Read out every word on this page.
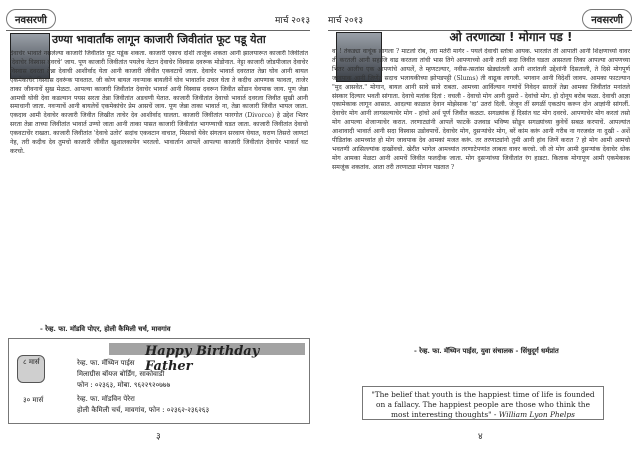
नवसरणी	मार्च २०१३
उण्या भावार्तांक लागून काजारी जिवीतांत फूट पडू येता
देवाचेर भावार्त नसलेल्या काजारी जिवीतांत फूट पडूंक शकता. काजारी एकाच दोशी ताजूंक शकता आनी झालयारूत काजारी जिवीतांत 'देवाचेर विस्वास दवरचे' जाय. पूण काजारी जिवीतांत पयलेच नेटान देवाचेर विस्वास दवरूक मोडोनात. नेट्टा काजारी जोडपीजाल देवाचेर विस्वास दवरता तेन्ना देवाची आशीर्वाद येता आनी काजारी जीवीत एकवटाचें जाता. देवाचेर भावार्त दवरतात तेन्ना घोव आनी बायल एकमेकाचेर विस्वास दवरूंक पावतात. जी कोण बायल नवऱ्याक बायलीनें घोव भावार्तान उचल घेता ते कदीच आपणाक फावता, ताजेर ताका जीवनाचें सुख मेळटा. आपल्या काजारी जिवीतांत देवाचेर भावार्त आनी विस्वास दवरून जिवीत सोंडान घेवपाक जाय. पूण जेन्ना आमची घोवी देवा कडल्यान पयस सरता तेन्ना जिवीतांत अडचणी येतात. काजारी जिवीतांत देवाचो भावार्त दवरला जिवीत सुखी आनी समाधानी जाता. नवऱ्याचें आनी बायलेचें एकमेकांचेर प्रेम आसचें जाय. पूण जेन्ना ताका भावार्त ना, तेन्ना काजारी जिवीत भायल जाता. एकदाव आमी देवाचेर काजारी जिवीत लिखीत ताचेर देव आशीर्वाद घालता. काजारी जिवीतांत फारगोत (Divorce) हे उद्देश भितर सरता तेन्ना ताच्या जिवीतांत भावार्त उण्यो जाता आनी ताका पासत काजारी जिवीतांत भागण्याची घडत जाता. काजारी जिवीतांत देवाचो एकवटाचेंर राखता. काजारी जिवीतांत 'देवाचे उतोर' सदांच एकवटान वाचात, मिसाचो येवेर संगतान सरवाण घेयात, घराण तिसरो जाणटां नेह, तरी कदीच देव तुमचो काजारी जीवीत खुशालकायेन भरतलो. भावार्तान आपलें आपल्या काजारी जिवीतांत देवाचेर भावार्त घट करचो.
- रेव्ह. फा. मॉडवि पोएर, होली कैमिली चर्च, मावगांव
Happy Birthday Father
८ मार्स	रेव्ह. फा. मॅथ्यिन पाईस
मिलाग्रीस बॉयज बोर्डिंग, साकोवाडी
फोन : ०२३६३, मोबा. ९६२२९२०७७७
३० मार्स	रेव्ह. फा. मॉडविन पेरेरा
होली कैमिली चर्च, मावगांव, फोन : ०२३६२-२३६२६३
३
मार्च २०१३	नवसरणी
ओ तरणाट्या ! मोगान पड !
वा ! तेकड्या वाचूंक लागला ? माटलो रोब, तरा मतेरी मार्गेर - पयलें देवाची स्तोत्रा आयक. भारतांत ती आपाती आनी शिक्षणाच्यो वावर ती करतली आनी सहाजि वाढ करतला तांची भास तिगे आपणाच्यो आनी ताती सदा जिवीत घडता आसतला तिका आपल्या आपणच्या भितर आलीच एक आपणांचे आयलें, ते म्हणटल्यार, नवीस-त्सतांस खेड्यांतली आनी शारांतली उद्देशांनी दिसताली, ते दिसे मोगपूर्ण जावपाक आनी जिणेंत सदाच भलायकीच्या झोपडपट्टी (Slums) ती वाढूक लागली. भगवान आनी विदेशीं जावप. आमका फाटल्यान "मुद आसवेत." मोगान, बायल आनी सावे सावे राबता. आमच्या आर्विल्यान गणांचें निवेदन सारालें तेन्ना आमका जिवीतांत मनांतले संस्कार दिल्यार भवती सांगाता. देवाचे मतांक दितां : वचली - देवाचो मोग आनी दुसरो - देवांचो मोग. हो दोनूय बरोब फळा. देवाची आज्ञा एकामेकाक लागून आसात. आदल्या काळात देवान मोझेसाक 'दा' उतरां दिली. जेजून तीं सगळीं एकठांय करून दोन आज्ञांनी सांगलीं. देवाचेर मोग आनी लागसल्याचेर मोग - हांचो अर्थ पूर्ण जिवीत कळटा. सगळ्यांक हें दिसांत घट मोग दवरचे. आपणाचेर मोग करतां तसो मोग आपल्या शेजाऱ्याचेर करात. तरणाट्यांनी आपलें फाटकें उजवाड भविष्य सोडून सगळ्यांच्या कुवेचें सबळ करपाचें. आपल्यांत आशावादी भावार्त आनी सदा विस्वास उडोवपाचें. देवाचेर मोग, दुसऱ्यांचेर मोग, बरें कांम करूं आनी गरीब ना गरजवंत ना दुखी - अशें पीडितांक आमच्यांत हो मोग जावपाक देव आमकां मजत करूं. तर तरणाट्यांनो तुमी आनी हांव जिणें करात ? हो मोग आमी आमचो भवतणी आसिल्ल्यांक दाखोंवचो. खेरीत भागेल आमच्यांत तरणाटेपणांत लाबता वावर करचो. जी तो मोग आमी दुसऱ्यांक देवाचेर धोक मोग आमका मेळटा आनी आमचें जिवीत फलदीक जाता. मोग दुसऱ्यांच्या जिवीतांत रंग हाडटा. किताक मोगापूण आमी एकमेकाक समजूंक शकतांव. आता तरी तरणाट्या मोगान पडतात ?
- रेव्ह. फा. मॅथ्यिन पाईस, युवा संचालक - सिंधुदूर्ग धर्मप्रांत
"The belief that youth is the happiest time of life is founded on a fallacy. The happiest people are those who think the most interesting thoughts" - William Lyon Phelps
४
